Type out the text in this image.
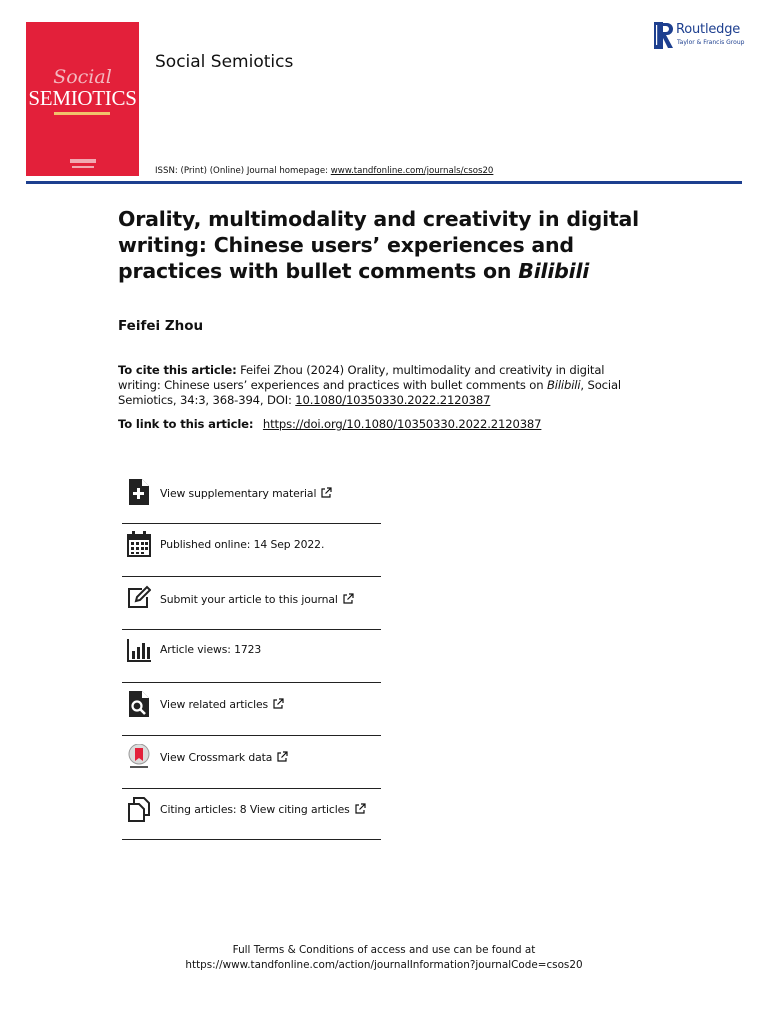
Social
SEMIOTICS
Social Semiotics
ISSN: (Print) (Online) Journal homepage: www.tandfonline.com/journals/csos20
Routledge
Taylor & Francis Group
Orality, multimodality and creativity in digital writing: Chinese users’ experiences and practices with bullet comments on Bilibili
Feifei Zhou
To cite this article: Feifei Zhou (2024) Orality, multimodality and creativity in digital writing: Chinese users’ experiences and practices with bullet comments on Bilibili, Social Semiotics, 34:3, 368-394, DOI: 10.1080/10350330.2022.2120387
To link to this article: https://doi.org/10.1080/10350330.2022.2120387
View supplementary material
Published online: 14 Sep 2022.
Submit your article to this journal
Article views: 1723
View related articles
View Crossmark data
Citing articles: 8 View citing articles
Full Terms & Conditions of access and use can be found at
https://www.tandfonline.com/action/journalInformation?journalCode=csos20
